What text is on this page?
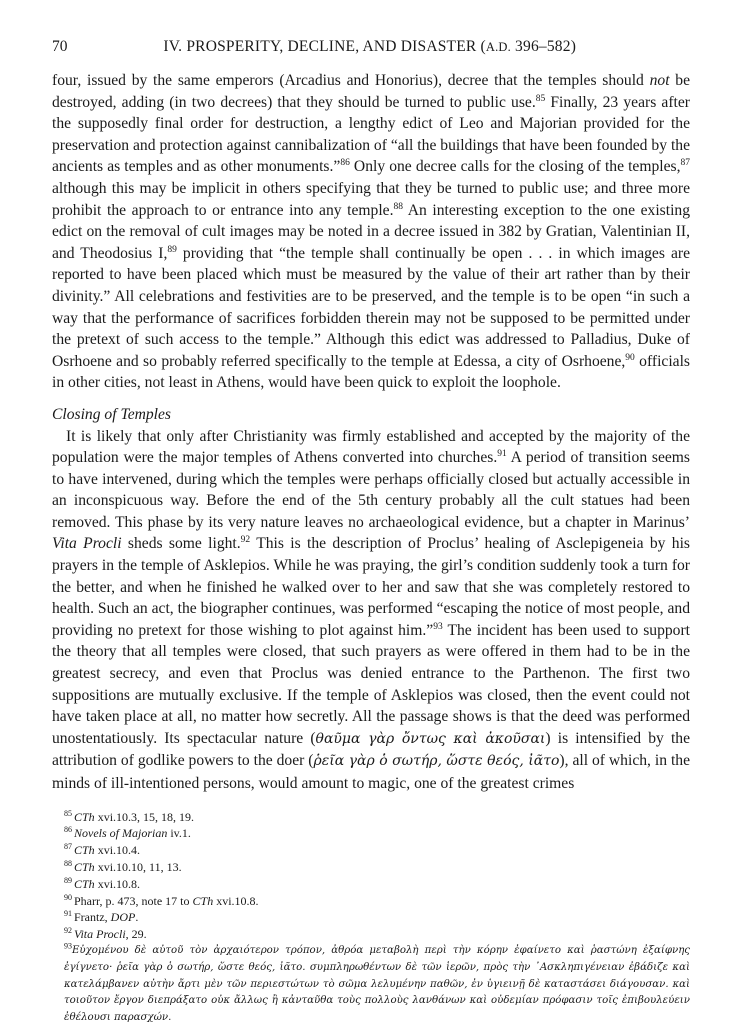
70	IV. PROSPERITY, DECLINE, AND DISASTER (A.D. 396–582)

four, issued by the same emperors (Arcadius and Honorius), decree that the temples should not be destroyed, adding (in two decrees) that they should be turned to public use.$^{85}$ Finally, 23 years after the supposedly final order for destruction, a lengthy edict of Leo and Majorian provided for the preservation and protection against cannibalization of “all the buildings that have been founded by the ancients as temples and as other monuments.”$^{86}$ Only one decree calls for the closing of the temples,$^{87}$ although this may be implicit in others specifying that they be turned to public use; and three more prohibit the approach to or entrance into any temple.$^{88}$ An interesting exception to the one existing edict on the removal of cult images may be noted in a decree issued in 382 by Gratian, Valentinian II, and Theodosius I,$^{89}$ providing that “the temple shall continually be open . . . in which images are reported to have been placed which must be measured by the value of their art rather than by their divinity.” All celebrations and festivities are to be preserved, and the temple is to be open “in such a way that the performance of sacrifices forbidden therein may not be supposed to be permitted under the pretext of such access to the temple.” Although this edict was addressed to Palladius, Duke of Osrhoene and so probably referred specifically to the temple at Edessa, a city of Osrhoene,$^{90}$ officials in other cities, not least in Athens, would have been quick to exploit the loophole.

Closing of Temples

It is likely that only after Christianity was firmly established and accepted by the majority of the population were the major temples of Athens converted into churches.$^{91}$ A period of transition seems to have intervened, during which the temples were perhaps officially closed but actually accessible in an inconspicuous way. Before the end of the 5th century probably all the cult statues had been removed. This phase by its very nature leaves no archaeological evidence, but a chapter in Marinus’ Vita Procli sheds some light.$^{92}$ This is the description of Proclus’ healing of Asclepigeneia by his prayers in the temple of Asklepios. While he was praying, the girl’s condition suddenly took a turn for the better, and when he finished he walked over to her and saw that she was completely restored to health. Such an act, the biographer continues, was performed “escaping the notice of most people, and providing no pretext for those wishing to plot against him.”$^{93}$ The incident has been used to support the theory that all temples were closed, that such prayers as were offered in them had to be in the greatest secrecy, and even that Proclus was denied entrance to the Parthenon. The first two suppositions are mutually exclusive. If the temple of Asklepios was closed, then the event could not have taken place at all, no matter how secretly. All the passage shows is that the deed was performed unostentatiously. Its spectacular nature (θαῦμα γὰρ ὄντως καὶ ἀκοῦσαι) is intensified by the attribution of godlike powers to the doer (ῥεῖα γὰρ ὁ σωτήρ, ὥστε θεός, ἰᾶτο), all of which, in the minds of ill-intentioned persons, would amount to magic, one of the greatest crimes

$^{85}$ CTh xvi.10.3, 15, 18, 19.

$^{86}$ Novels of Majorian iv.1.

$^{87}$ CTh xvi.10.4.

$^{88}$ CTh xvi.10.10, 11, 13.

$^{89}$ CTh xvi.10.8.

$^{90}$ Pharr, p. 473, note 17 to CTh xvi.10.8.

$^{91}$ Frantz, DOP.

$^{92}$ Vita Procli, 29.

$^{93}$Εὐχομένου δὲ αὐτοῦ τὸν ἀρχαιότερον τρόπον, ἀθρόα μεταβολὴ περὶ τὴν κόρην ἐφαίνετο καὶ ῥαστώνη ἐξαίφνης ἐγίγνετο· ῥεῖα γὰρ ὁ σωτήρ, ὥστε θεός, ἰᾶτο. συμπληρωθέντων δὲ τῶν ἱερῶν, πρὸς τὴν ᾿Ασκληπιγένειαν ἐβάδιζε καὶ κατελάμβανεν αὐτὴν ἄρτι μὲν τῶν περιεστώτων τὸ σῶμα λελυμένην παθῶν, ἐν ὑγιεινῇ δὲ καταστάσει διάγουσαν. καὶ τοιοῦτον ἔργον διεπράξατο οὐκ ἄλλως ἢ κἀνταῦθα τοὺς πολλοὺς λανθάνων καὶ οὐδεμίαν πρόφασιν τοῖς ἐπιβουλεύειν ἐθέλουσι παρασχών.
